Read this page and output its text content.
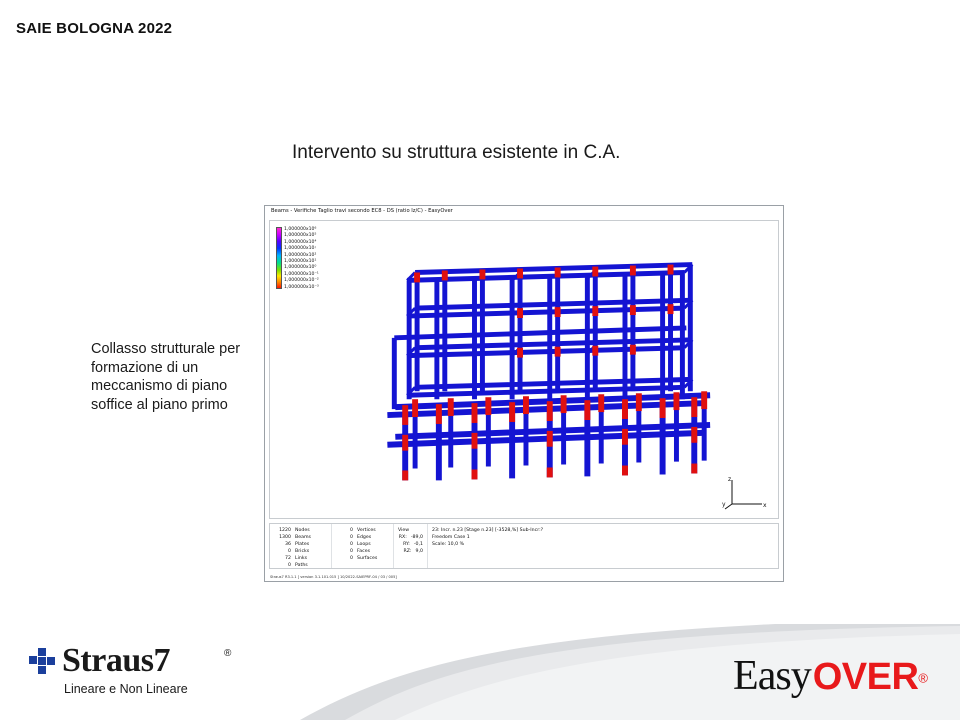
SAIE BOLOGNA 2022
Intervento su struttura esistente in C.A.
Collasso strutturale per formazione di un meccanismo di piano soffice al piano primo
Beams - Verifiche Taglio travi secondo EC8 - DS (ratio Iz/C) - EasyOver
1,000000x10⁶
1,000000x10⁵
1,000000x10⁴
1,000000x10⁳
1,000000x10²
1,000000x10¹
1,000000x10⁰
1,000000x10⁻¹
1,000000x10⁻²
1,000000x10⁻³
z
x
y
1220 Nodes
1300 Beams
36 Plates
0 Bricks
72 Links
0 Paths
0 Vertices
0 Edges
0 Loops
0 Faces
0 Surfaces
View
RX: -89,0
RY: -0,1
RZ: 9,0
23: Incr. n.23 [Stage n.23] [-3528,%] Sub-Incr:?
Freedom Case 1
Scale: 10,0 %
Straus7 R3.1.1 [ version 3.1.101.015 ] 10/2022-SAIEPRF-04 / 03 / 005]
Straus7	®
Lineare e Non Lineare	EasyOVER®
